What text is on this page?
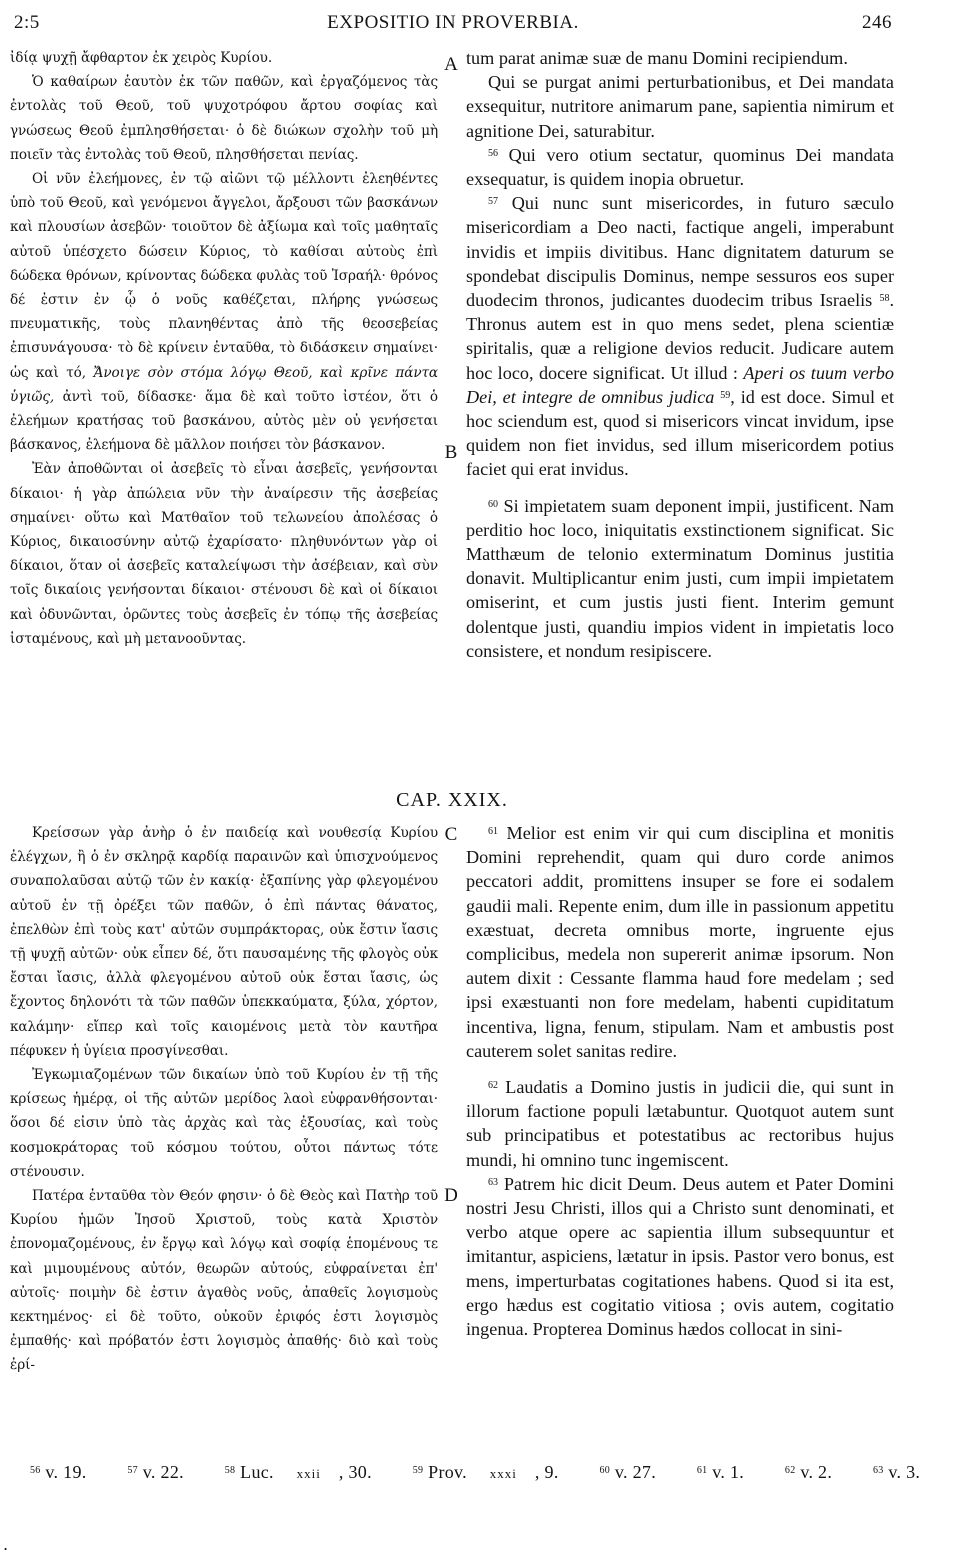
2:5	EXPOSITIO IN PROVERBIA.	246

ἰδίᾳ ψυχῇ ἄφθαρτον ἐκ χειρὸς Κυρίου.

Ὁ καθαίρων ἑαυτὸν ἐκ τῶν παθῶν, καὶ ἐργαζόμενος τὰς ἐντολὰς τοῦ Θεοῦ, τοῦ ψυχοτρόφου ἄρτου σοφίας καὶ γνώσεως Θεοῦ ἐμπλησθήσεται· ὁ δὲ διώκων σχολὴν τοῦ μὴ ποιεῖν τὰς ἐντολὰς τοῦ Θεοῦ, πλησθήσεται πενίας.

Οἱ νῦν ἐλεήμονες, ἐν τῷ αἰῶνι τῷ μέλλοντι ἐλεηθέντες ὑπὸ τοῦ Θεοῦ, καὶ γενόμενοι ἄγγελοι, ἄρξουσι τῶν βασκάνων καὶ πλουσίων ἀσεβῶν· τοιοῦτον δὲ ἀξίωμα καὶ τοῖς μαθηταῖς αὐτοῦ ὑπέσχετο δώσειν Κύριος, τὸ καθίσαι αὐτοὺς ἐπὶ δώδεκα θρόνων, κρίνοντας δώδεκα φυλὰς τοῦ Ἰσραήλ· θρόνος δέ ἐστιν ἐν ᾧ ὁ νοῦς καθέζεται, πλήρης γνώσεως πνευματικῆς, τοὺς πλανηθέντας ἀπὸ τῆς θεοσεβείας ἐπισυνάγουσα· τὸ δὲ κρίνειν ἐνταῦθα, τὸ διδάσκειν σημαίνει· ὡς καὶ τό, Ἄνοιγε σὸν στόμα λόγῳ Θεοῦ, καὶ κρῖνε πάντα ὑγιῶς, ἀντὶ τοῦ, δίδασκε· ἅμα δὲ καὶ τοῦτο ἰστέον, ὅτι ὁ ἐλεήμων κρατήσας τοῦ βασκάνου, αὐτὸς μὲν οὐ γενήσεται βάσκανος, ἐλεήμονα δὲ μᾶλλον ποιήσει τὸν βάσκανον.

Ἐὰν ἀποθῶνται οἱ ἀσεβεῖς τὸ εἶναι ἀσεβεῖς, γενήσονται δίκαιοι· ἡ γὰρ ἀπώλεια νῦν τὴν ἀναίρεσιν τῆς ἀσεβείας σημαίνει· οὕτω καὶ Ματθαῖον τοῦ τελωνείου ἀπολέσας ὁ Κύριος, δικαιοσύνην αὐτῷ ἐχαρίσατο· πληθυνόντων γὰρ οἱ δίκαιοι, ὅταν οἱ ἀσεβεῖς καταλείψωσι τὴν ἀσέβειαν, καὶ σὺν τοῖς δικαίοις γενήσονται δίκαιοι· στένουσι δὲ καὶ οἱ δίκαιοι καὶ ὀδυνῶνται, ὁρῶντες τοὺς ἀσεβεῖς ἐν τόπῳ τῆς ἀσεβείας ἱσταμένους, καὶ μὴ μετανοοῦντας.

tum parat animæ suæ de manu Domini recipiendum.

Qui se purgat animi perturbationibus, et Dei mandata exsequitur, nutritore animarum pane, sapientia nimirum et agnitione Dei, saturabitur.

$^{56}$ Qui vero otium sectatur, quominus Dei mandata exsequatur, is quidem inopia obruetur.

$^{57}$ Qui nunc sunt misericordes, in futuro sæculo misericordiam a Deo nacti, factique angeli, imperabunt invidis et impiis divitibus. Hanc dignitatem daturum se spondebat discipulis Dominus, nempe sessuros eos super duodecim thronos, judicantes duodecim tribus Israelis $^{58}$. Thronus autem est in quo mens sedet, plena scientiæ spiritalis, quæ a religione devios reducit. Judicare autem hoc loco, docere significat. Ut illud : Aperi os tuum verbo Dei, et integre de omnibus judica $^{59}$, id est doce. Simul et hoc sciendum est, quod si misericors vincat invidum, ipse quidem non fiet invidus, sed illum misericordem potius faciet qui erat invidus.

$^{60}$ Si impietatem suam deponent impii, justificent. Nam perditio hoc loco, iniquitatis exstinctionem significat. Sic Matthæum de telonio exterminatum Dominus justitia donavit. Multiplicantur enim justi, cum impii impietatem omiserint, et cum justis justi fient. Interim gemunt dolentque justi, quandiu impios vident in impietatis loco consistere, et nondum resipiscere.

A
B
CAP. XXIX.

Κρείσσων γὰρ ἀνὴρ ὁ ἐν παιδείᾳ καὶ νουθεσίᾳ Κυρίου ἐλέγχων, ἢ ὁ ἐν σκληρᾷ καρδίᾳ παραινῶν καὶ ὑπισχνούμενος συναπολαῦσαι αὐτῷ τῶν ἐν κακίᾳ· ἐξαπίνης γὰρ φλεγομένου αὐτοῦ ἐν τῇ ὀρέξει τῶν παθῶν, ὁ ἐπὶ πάντας θάνατος, ἐπελθὼν ἐπὶ τοὺς κατ' αὐτῶν συμπράκτορας, οὐκ ἔστιν ἴασις τῇ ψυχῇ αὐτῶν· οὐκ εἶπεν δέ, ὅτι παυσαμένης τῆς φλογὸς οὐκ ἔσται ἴασις, ἀλλὰ φλεγομένου αὐτοῦ οὐκ ἔσται ἴασις, ὡς ἔχοντος δηλονότι τὰ τῶν παθῶν ὑπεκκαύματα, ξύλα, χόρτον, καλάμην· εἴπερ καὶ τοῖς καιομένοις μετὰ τὸν καυτῆρα πέφυκεν ἡ ὑγίεια προσγίνεσθαι.

Ἐγκωμιαζομένων τῶν δικαίων ὑπὸ τοῦ Κυρίου ἐν τῇ τῆς κρίσεως ἡμέρᾳ, οἱ τῆς αὐτῶν μερίδος λαοὶ εὐφρανθήσονται· ὅσοι δέ εἰσιν ὑπὸ τὰς ἀρχὰς καὶ τὰς ἐξουσίας, καὶ τοὺς κοσμοκράτορας τοῦ κόσμου τούτου, οὗτοι πάντως τότε στένουσιν.

Πατέρα ἐνταῦθα τὸν Θεόν φησιν· ὁ δὲ Θεὸς καὶ Πατὴρ τοῦ Κυρίου ἡμῶν Ἰησοῦ Χριστοῦ, τοὺς κατὰ Χριστὸν ἐπονομαζομένους, ἐν ἔργῳ καὶ λόγῳ καὶ σοφίᾳ ἑπομένους τε καὶ μιμουμένους αὐτόν, θεωρῶν αὐτούς, εὐφραίνεται ἐπ' αὐτοῖς· ποιμὴν δὲ ἐστιν ἀγαθὸς νοῦς, ἀπαθεῖς λογισμοὺς κεκτημένος· εἰ δὲ τοῦτο, οὐκοῦν ἐριφός ἐστι λογισμὸς ἐμπαθής· καὶ πρόβατόν ἐστι λογισμὸς ἀπαθής· διὸ καὶ τοὺς ἐρί-

$^{61}$ Melior est enim vir qui cum disciplina et monitis Domini reprehendit, quam qui duro corde animos peccatori addit, promittens insuper se fore ei sodalem gaudii mali. Repente enim, dum ille in passionum appetitu exæstuat, decreta omnibus morte, ingruente ejus complicibus, medela non supererit animæ ipsorum. Non autem dixit : Cessante flamma haud fore medelam ; sed ipsi exæstuanti non fore medelam, habenti cupiditatum incentiva, ligna, fenum, stipulam. Nam et ambustis post cauterem solet sanitas redire.

$^{62}$ Laudatis a Domino justis in judicii die, qui sunt in illorum factione populi lætabuntur. Quotquot autem sunt sub principatibus et potestatibus ac rectoribus hujus mundi, hi omnino tunc ingemiscent.

$^{63}$ Patrem hic dicit Deum. Deus autem et Pater Domini nostri Jesu Christi, illos qui a Christo sunt denominati, et verbo atque opere ac sapientia illum subsequuntur et imitantur, aspiciens, lætatur in ipsis. Pastor vero bonus, est mens, imperturbatas cogitationes habens. Quod si ita est, ergo hædus est cogitatio vitiosa ; ovis autem, cogitatio ingenua. Propterea Dominus hædos collocat in sini-

C
D
$^{56}$ v. 19.	$^{57}$ v. 22.	$^{58}$ Luc. xxii , 30.	$^{59}$ Prov. xxxi , 9.	$^{60}$ v. 27.	$^{61}$ v. 1.	$^{62}$ v. 2.	$^{63}$ v. 3.
.
